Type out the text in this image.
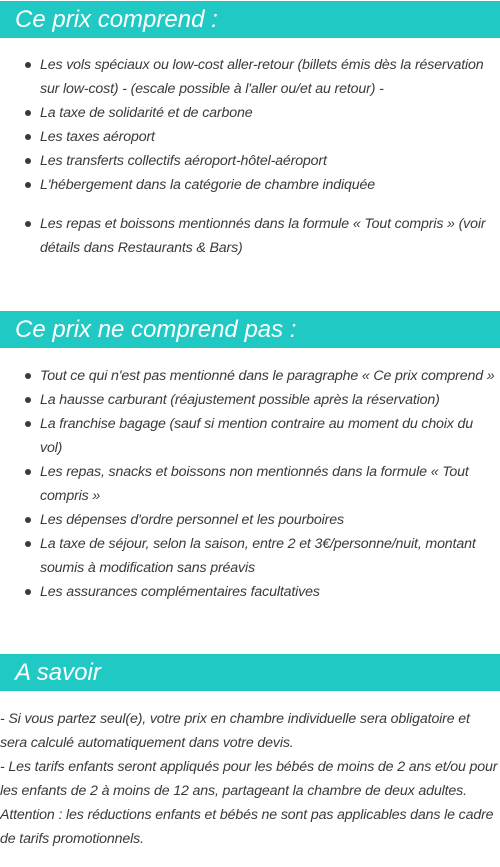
Ce prix comprend :
Les vols spéciaux ou low-cost aller-retour (billets émis dès la réservation sur low-cost) - (escale possible à l'aller ou/et au retour) -
La taxe de solidarité et de carbone
Les taxes aéroport
Les transferts collectifs aéroport-hôtel-aéroport
L'hébergement dans la catégorie de chambre indiquée
Les repas et boissons mentionnés dans la formule « Tout compris » (voir détails dans Restaurants & Bars)
Ce prix ne comprend pas :
Tout ce qui n'est pas mentionné dans le paragraphe « Ce prix comprend »
La hausse carburant (réajustement possible après la réservation)
La franchise bagage (sauf si mention contraire au moment du choix du vol)
Les repas, snacks et boissons non mentionnés dans la formule « Tout compris »
Les dépenses d'ordre personnel et les pourboires
La taxe de séjour, selon la saison, entre 2 et 3€/personne/nuit, montant soumis à modification sans préavis
Les assurances complémentaires facultatives
A savoir

- Si vous partez seul(e), votre prix en chambre individuelle sera obligatoire et sera calculé automatiquement dans votre devis.

- Les tarifs enfants seront appliqués pour les bébés de moins de 2 ans et/ou pour les enfants de 2 à moins de 12 ans, partageant la chambre de deux adultes.

Attention : les réductions enfants et bébés ne sont pas applicables dans le cadre de tarifs promotionnels.
